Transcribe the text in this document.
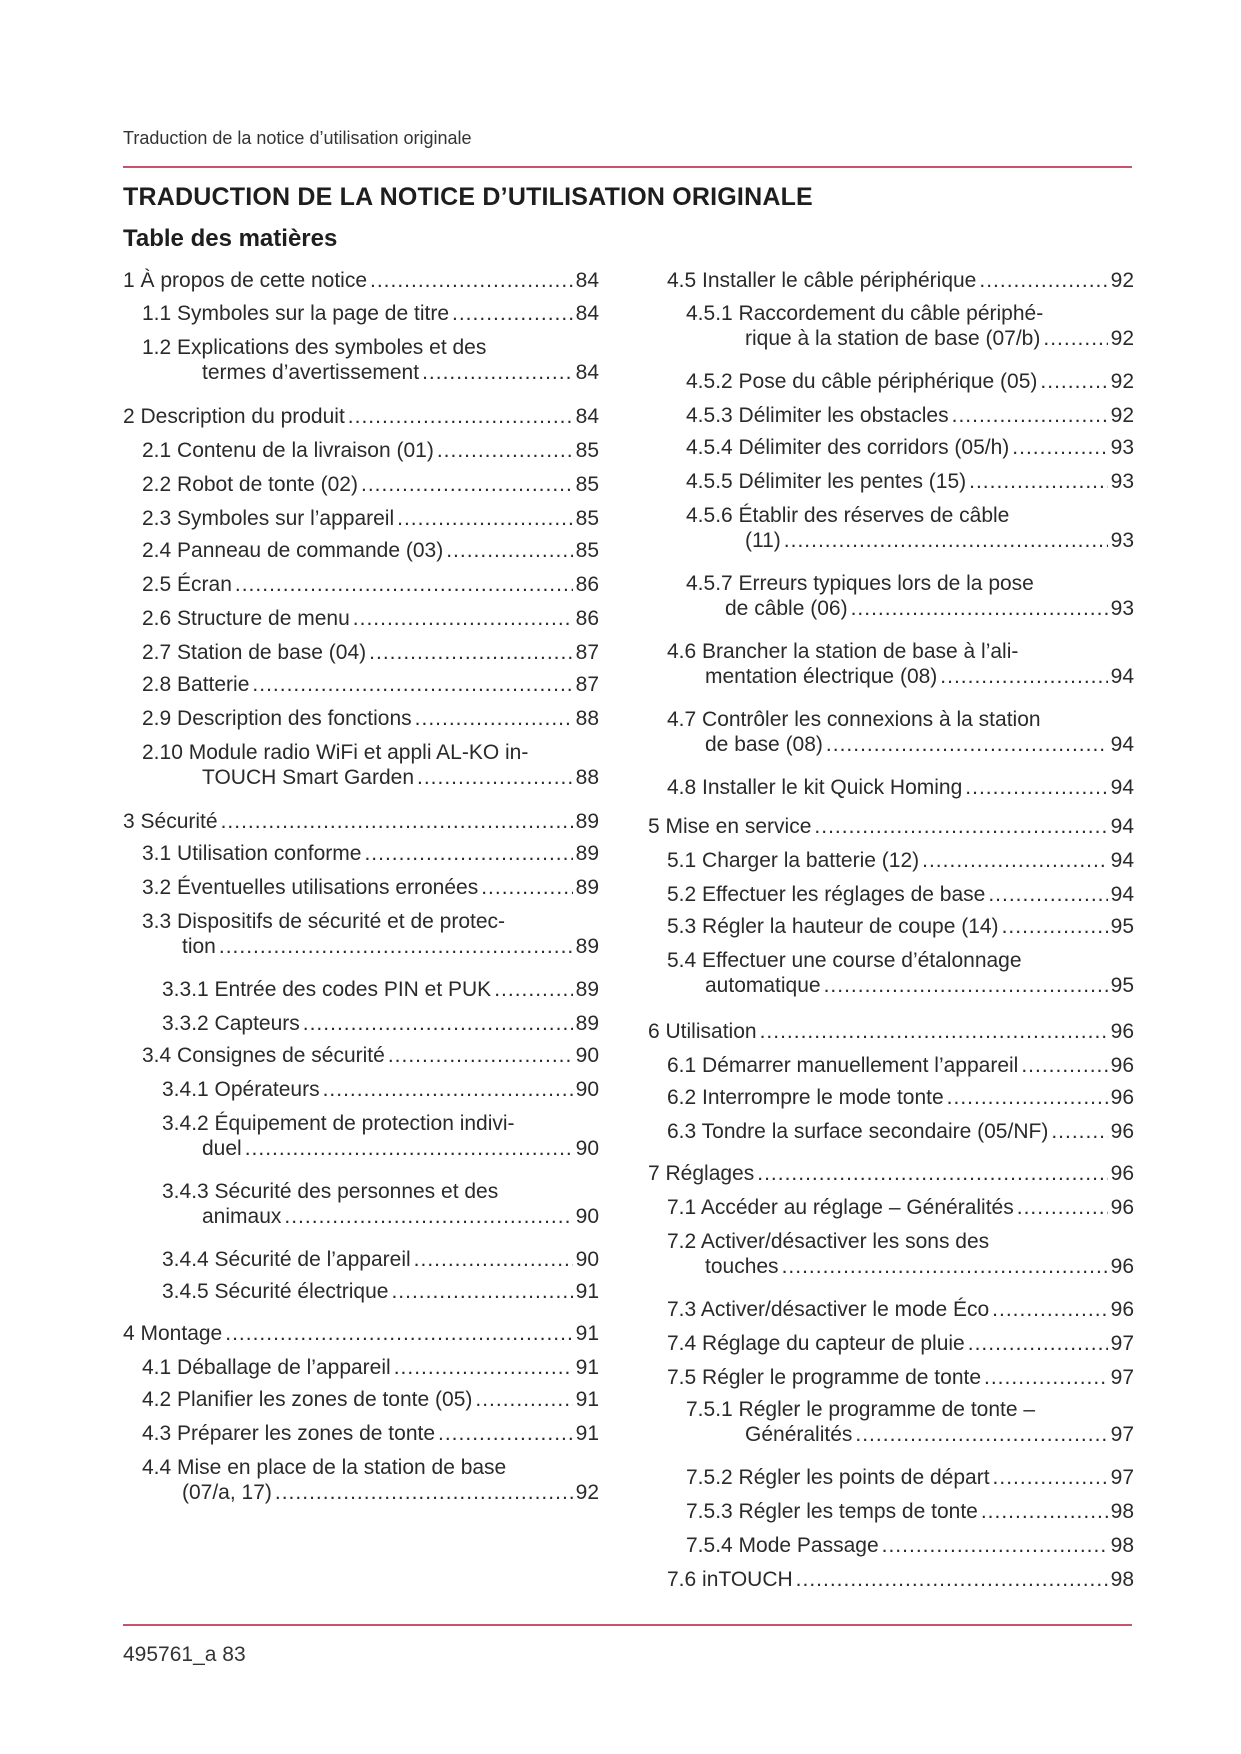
Traduction de la notice d’utilisation originale
TRADUCTION DE LA NOTICE D’UTILISATION ORIGINALE
Table des matières
1 À propos de cette notice .....	84
1.1 Symboles sur la page de titre .....	84
1.2 Explications des symboles et des
termes d’avertissement .....	84
2 Description du produit .....	84
2.1 Contenu de la livraison (01) .....	85
2.2 Robot de tonte (02) .....	85
2.3 Symboles sur l’appareil .....	85
2.4 Panneau de commande (03) .....	85
2.5 Écran .....	86
2.6 Structure de menu .....	86
2.7 Station de base (04) .....	87
2.8 Batterie .....	87
2.9 Description des fonctions .....	88
2.10 Module radio WiFi et appli AL-KO in-
TOUCH Smart Garden .....	88
3 Sécurité .....	89
3.1 Utilisation conforme .....	89
3.2 Éventuelles utilisations erronées .....	89
3.3 Dispositifs de sécurité et de protec-
tion .....	89
3.3.1 Entrée des codes PIN et PUK .....	89
3.3.2 Capteurs .....	89
3.4 Consignes de sécurité .....	90
3.4.1 Opérateurs .....	90
3.4.2 Équipement de protection indivi-
duel .....	90
3.4.3 Sécurité des personnes et des
animaux .....	90
3.4.4 Sécurité de l’appareil .....	90
3.4.5 Sécurité électrique .....	91
4 Montage .....	91
4.1 Déballage de l’appareil .....	91
4.2 Planifier les zones de tonte (05) .....	91
4.3 Préparer les zones de tonte .....	91
4.4 Mise en place de la station de base
(07/a, 17) .....	92
4.5 Installer le câble périphérique .....	92
4.5.1 Raccordement du câble périphé-
rique à la station de base (07/b) .....	92
4.5.2 Pose du câble périphérique (05) .....	92
4.5.3 Délimiter les obstacles .....	92
4.5.4 Délimiter des corridors (05/h) .....	93
4.5.5 Délimiter les pentes (15) .....	93
4.5.6 Établir des réserves de câble
(11) .....	93
4.5.7 Erreurs typiques lors de la pose
de câble (06) .....	93
4.6 Brancher la station de base à l’ali-
mentation électrique (08) .....	94
4.7 Contrôler les connexions à la station
de base (08) .....	94
4.8 Installer le kit Quick Homing .....	94
5 Mise en service .....	94
5.1 Charger la batterie (12) .....	94
5.2 Effectuer les réglages de base .....	94
5.3 Régler la hauteur de coupe (14) .....	95
5.4 Effectuer une course d’étalonnage
automatique .....	95
6 Utilisation .....	96
6.1 Démarrer manuellement l’appareil .....	96
6.2 Interrompre le mode tonte .....	96
6.3 Tondre la surface secondaire (05/NF) .....	96
7 Réglages .....	96
7.1 Accéder au réglage – Généralités .....	96
7.2 Activer/désactiver les sons des
touches .....	96
7.3 Activer/désactiver le mode Éco .....	96
7.4 Réglage du capteur de pluie .....	97
7.5 Régler le programme de tonte .....	97
7.5.1 Régler le programme de tonte –
Généralités .....	97
7.5.2 Régler les points de départ .....	97
7.5.3 Régler les temps de tonte .....	98
7.5.4 Mode Passage .....	98
7.6 inTOUCH .....	98
495761_a 83
